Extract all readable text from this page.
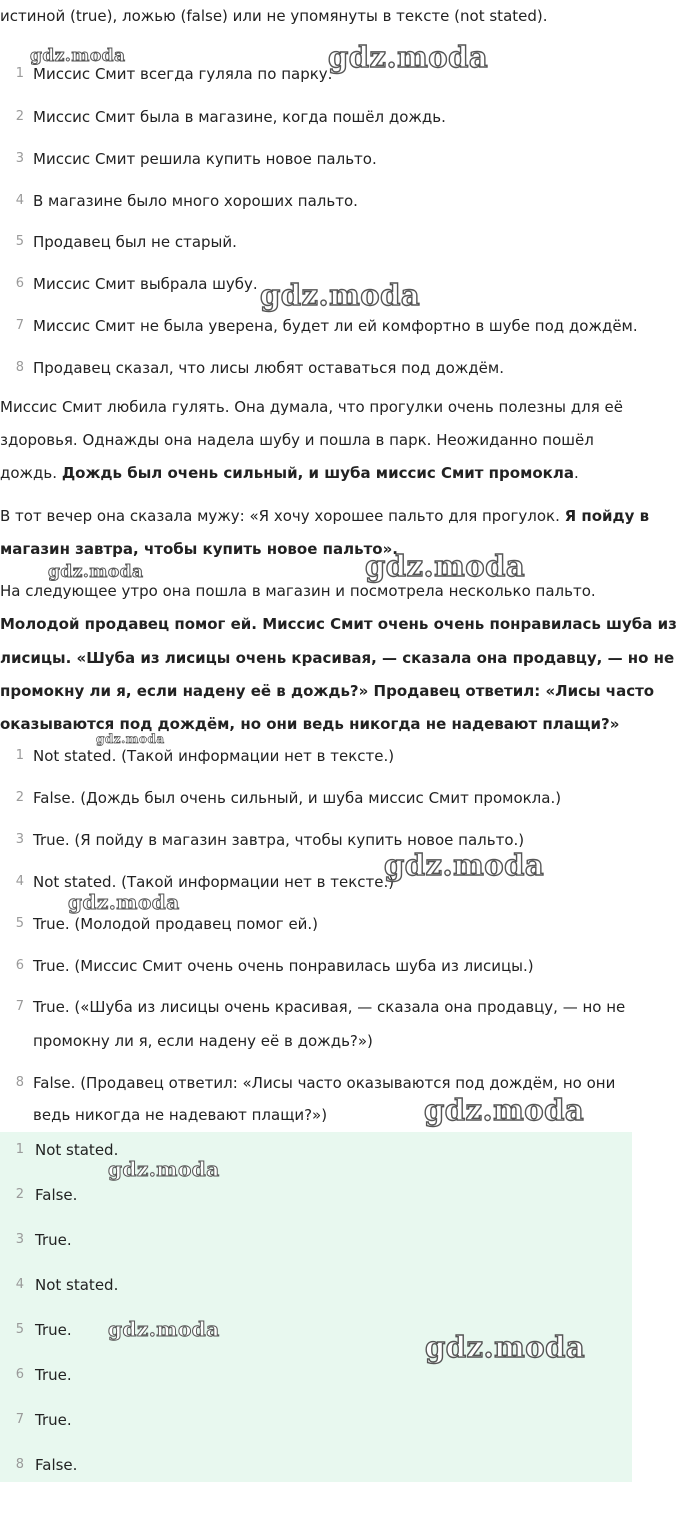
истиной (true), ложью (false) или не упомянуты в тексте (not stated).
1 Миссис Смит всегда гуляла по парку.
2 Миссис Смит была в магазине, когда пошёл дождь.
3 Миссис Смит решила купить новое пальто.
4 В магазине было много хороших пальто.
5 Продавец был не старый.
6 Миссис Смит выбрала шубу.
7 Миссис Смит не была уверена, будет ли ей комфортно в шубе под дождём.
8 Продавец сказал, что лисы любят оставаться под дождём.
Миссис Смит любила гулять. Она думала, что прогулки очень полезны для её
здоровья. Однажды она надела шубу и пошла в парк. Неожиданно пошёл
дождь. Дождь был очень сильный, и шуба миссис Смит промокла.
В тот вечер она сказала мужу: «Я хочу хорошее пальто для прогулок. Я пойду в
магазин завтра, чтобы купить новое пальто».
На следующее утро она пошла в магазин и посмотрела несколько пальто.
Молодой продавец помог ей. Миссис Смит очень очень понравилась шуба из
лисицы. «Шуба из лисицы очень красивая, — сказала она продавцу, — но не
промокну ли я, если надену её в дождь?» Продавец ответил: «Лисы часто
оказываются под дождём, но они ведь никогда не надевают плащи?»
1 Not stated. (Такой информации нет в тексте.)
2 False. (Дождь был очень сильный, и шуба миссис Смит промокла.)
3 True. (Я пойду в магазин завтра, чтобы купить новое пальто.)
4 Not stated. (Такой информации нет в тексте.)
5 True. (Молодой продавец помог ей.)
6 True. (Миссис Смит очень очень понравилась шуба из лисицы.)
7 True. («Шуба из лисицы очень красивая, — сказала она продавцу, — но не
промокну ли я, если надену её в дождь?»)
8 False. (Продавец ответил: «Лисы часто оказываются под дождём, но они
ведь никогда не надевают плащи?»)
1 Not stated.
2 False.
3 True.
4 Not stated.
5 True.
6 True.
7 True.
8 False.
gdz.moda	gdz.moda
gdz.moda
gdz.moda	gdz.moda
gdz.moda
gdz.moda
gdz.moda
gdz.moda
gdz.moda
gdz.moda
gdz.moda
